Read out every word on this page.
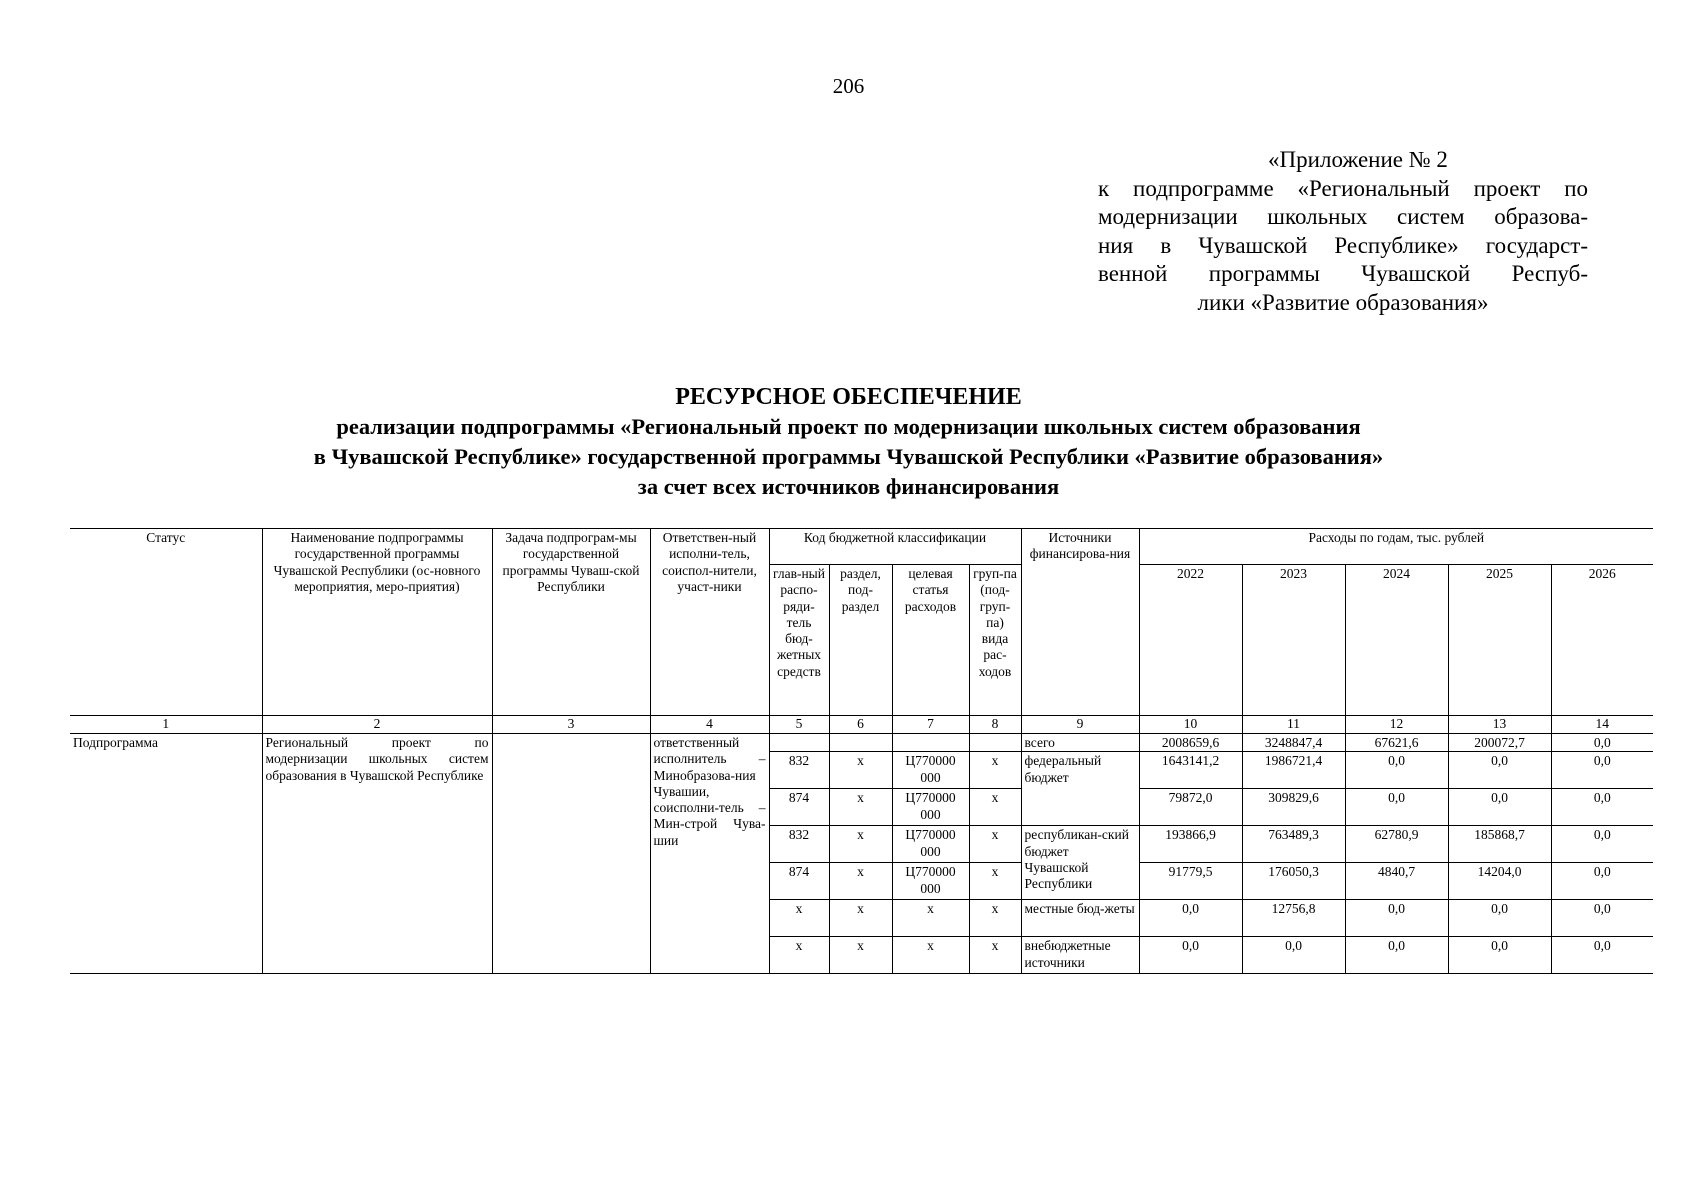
206
«Приложение № 2
к подпрограмме «Региональный проект по
модернизации школьных систем образова-
ния в Чувашской Республике» государст-
венной программы Чувашской Респуб-
лики «Развитие образования»
РЕСУРСНОЕ ОБЕСПЕЧЕНИЕ
реализации подпрограммы «Региональный проект по модернизации школьных систем образования
в Чувашской Республике» государственной программы Чувашской Республики «Развитие образования»
за счет всех источников финансирования
Статус	Наименование подпрограммы государственной программы Чувашской Республики (ос-новного мероприятия, меро-приятия)	Задача подпрограм-мы государственной программы Чуваш-ской Республики	Ответствен-ный исполни-тель, соиспол-нители, участ-ники	Код бюджетной классификации				Источники финансирова-ния	Расходы по годам, тыс. рублей				
				глав-ный распо-ряди-тель бюд-жетных средств	раздел, под-раздел	целевая статья расходов	груп-па (под-груп-па) вида рас-ходов		2022	2023	2024	2025	2026
1	2	3	4	5	6	7	8	9	10	11	12	13	14
Подпрограмма	Региональный проект по модернизации школьных систем образования в Чувашской Республике		ответственный исполнитель – Минобразова-ния Чувашии, соисполни-тель – Мин-строй Чува-шии					всего	2008659,6	3248847,4	67621,6	200072,7	0,0
				832	х	Ц770000 000	х	федеральный бюджет	1643141,2	1986721,4	0,0	0,0	0,0
				874	х	Ц770000 000	х		79872,0	309829,6	0,0	0,0	0,0
				832	х	Ц770000 000	х	республикан-ский бюджет Чувашской Республики	193866,9	763489,3	62780,9	185868,7	0,0
				874	х	Ц770000 000	х		91779,5	176050,3	4840,7	14204,0	0,0
				х	х	х	х	местные бюд-жеты	0,0	12756,8	0,0	0,0	0,0
				х	х	х	х	внебюджетные источники	0,0	0,0	0,0	0,0	0,0
